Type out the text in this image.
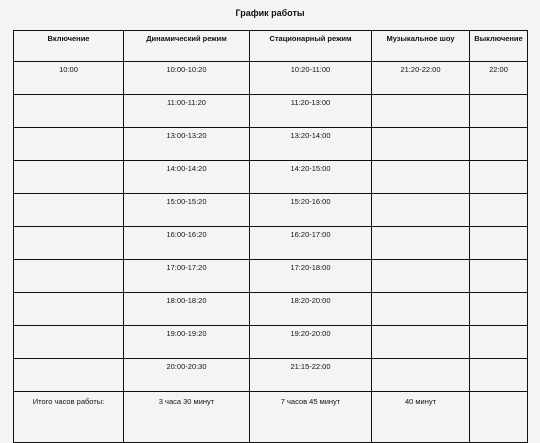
График работы
Включение	Динамический режим	Стационарный режим	Музыкальное шоу	Выключение
10:00	10:00-10:20	10:20-11:00	21:20-22:00	22:00
	11:00-11:20	11:20-13:00		
	13:00-13:20	13:20-14:00		
	14:00-14:20	14:20-15:00		
	15:00-15:20	15:20-16:00		
	16:00-16:20	16:20-17:00		
	17:00-17:20	17:20-18:00		
	18:00-18:20	18:20-20:00		
	19:00-19:20	19:20-20:00		
	20:00-20:30	21:15-22:00		
Итого часов работы:	3 часа 30 минут	7 часов 45 минут	40 минут	
